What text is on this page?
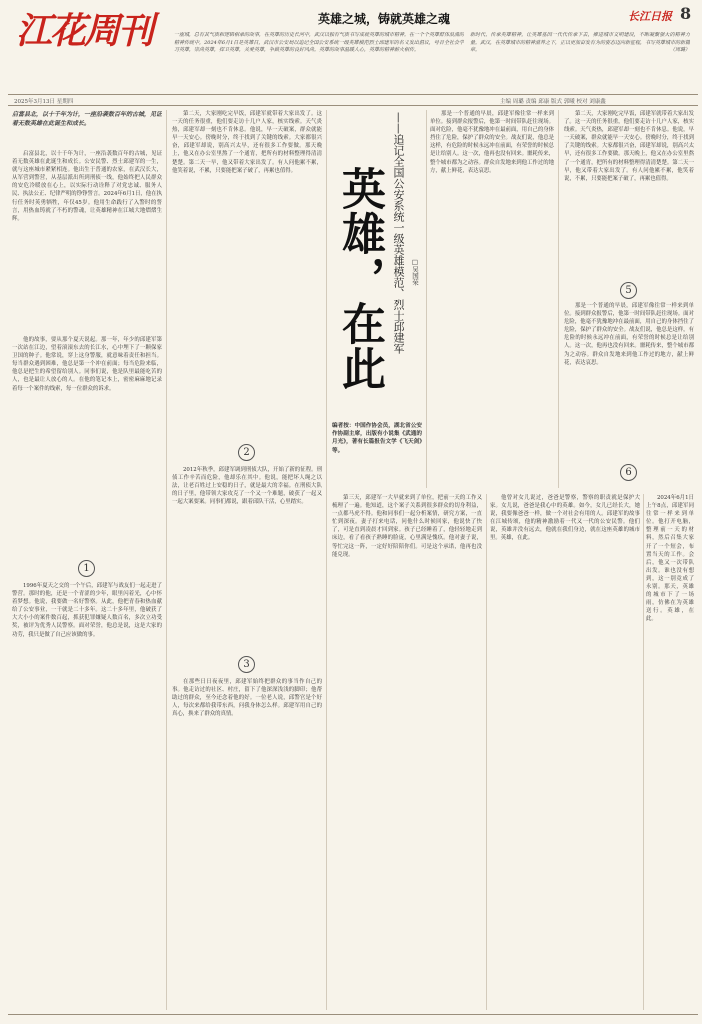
江花周刊	英雄之城，铸就英雄之魂	长江日报 8
一座城，总有其气质和逻辑相承的故事，在英雄的历史长河中，武汉以独有气质书写成就英雄的城市精神。在一个个英雄群体浪涌的精神传统中，2024年6月1日是英雄日，武汉市公安局以追记全国公安系统一级英雄模范烈士邱建军的名义发出倡议，号召全社会学习英雄，崇尚英雄，捍卫英雄，关爱英雄，争做英雄的良好风尚。英雄的故事温暖人心，英雄的精神薪火相传。
新时代，传承英雄精神，让英雄基因一代代传承下去，推进城市文明建设，不断凝聚强大的精神力量。武汉，在英雄城市的精神滋养之下，正以更加奋发有为的姿态迈向新征程，书写英雄城市的新篇章。	（周璐）
2025年3月13日 星期四	主编 周璐 责编 邱康 版式 郭曦 校对 刘康鑫
启富县北，以十千年为计，一座沿袭数百年的古城，见证着无数英雄在此诞生和成长。

启富县北，以十千年为计，一座沿袭数百年的古城，见证着无数英雄在此诞生和成长。公安民警、烈士邱建军的一生，就与这座城市紧紧相连。他出生于普通的农家，在武汉长大，从军营到警营，从基层派出所到刑侦一线，他始终把人民群众的安危冷暖放在心上，以实际行动诠释了对党忠诚、服务人民、执法公正、纪律严明的铮铮誓言。2024年6月1日，他在执行任务时英勇牺牲，年仅45岁。他用生命践行了入警时的誓言，用热血铸就了不朽的警魂，让英雄精神在江城大地熠熠生辉。

他的故事，要从那个夏天说起。那一年，年少的邱建军第一次站在江边，望着滚滚东去的长江水，心中埋下了一颗保家卫国的种子。他常说，穿上这身警服，就意味着责任和担当。每当群众遇到困难，他总是第一个冲在前面；每当危险来临，他总是把生的希望留给别人。同事们说，他是队里最能吃苦的人，也是最让人放心的人。在他的笔记本上，密密麻麻地记录着每一个案件的线索，每一位群众的诉求。

1

1996年夏天之交的一个午后，邱建军与战友们一起走进了警营。那时的他，还是一个青涩的少年，眼里闪着光，心中怀着梦想。他说，我要做一名好警察。从此，他把青春和热血献给了公安事业，一干就是二十多年。这二十多年里，他破获了大大小小的案件数百起，抓获犯罪嫌疑人数百名，多次立功受奖，被评为优秀人民警察。面对荣誉，他总是说，这是大家的功劳，我只是做了自己应该做的事。

第二天，大家刚吃完早饭，邱建军就带着大家出发了。这一天的任务很重，他们要走访十几户人家，核实线索。天气炎热，邱建军却一刻也不肯休息。他说，早一天破案，群众就能早一天安心。傍晚时分，终于找到了关键的线索。大家都很兴奋，邱建军却说，别高兴太早，还有很多工作要做。那天晚上，他又在办公室里熬了一个通宵，把所有的材料整理得清清楚楚。第二天一早，他又带着大家出发了。有人问他累不累，他笑着说，不累，只要能把案子破了，再累也值得。

2

2012年秋季，邱建军调到刑侦大队，开始了新的征程。刑侦工作辛苦而危险，他却乐在其中。他说，能把坏人绳之以法，让老百姓过上安稳的日子，就是最大的幸福。在刑侦大队的日子里，他带领大家攻克了一个又一个难题，破获了一起又一起大案要案。同事们都说，跟着邱队干活，心里踏实。

3

在那些日日夜夜里，邱建军始终把群众的事当作自己的事。他走访过的社区、村庄，留下了他深深浅浅的脚印；他帮助过的群众，至今还念着他的好。一位老人说，邱警官是个好人，每次来都给我带东西，问我身体怎么样。邱建军用自己的真心，换来了群众的真情。

英雄，在此 ——追记全国公安系统一级英雄模范、烈士邱建军 □吴国荣
编者按：中国作协会员，湖北省公安作协副主席，出版有小说集《武通的月光》，著有长篇报告文学《飞天剑》等。

第三天，邱建军一大早就来到了单位，把前一天的工作又梳理了一遍。他知道，这个案子关系到很多群众的切身利益，一点都马虎不得。他和同事们一起分析案情，研究方案，一直忙到深夜。妻子打来电话，问他什么时候回家，他说快了快了，可是直到凌晨才回到家。孩子已经睡着了，他轻轻地走到床边，看了看孩子熟睡的脸庞，心里满是愧疚。他对妻子说，等忙完这一阵，一定好好陪陪你们。可是这个承诺，他再也没能兑现。

那是一个普通的早晨，邱建军像往常一样来到单位。接到群众报警后，他第一时间带队赶往现场。面对危险，他毫不犹豫地冲在最前面，用自己的身体挡住了危险，保护了群众的安全。战友们说，他总是这样，有危险的时候永远冲在前面，有荣誉的时候总是让给别人。这一次，他再也没有回来。噩耗传来，整个城市都为之动容。群众自发地来到他工作过的地方，献上鲜花，表达哀思。

他曾对女儿说过，爸爸是警察，警察的职责就是保护大家。女儿说，爸爸是我心中的英雄。如今，女儿已经长大，她说，我要像爸爸一样，做一个对社会有用的人。邱建军的故事在江城传颂，他的精神激励着一代又一代的公安民警。他们说，英雄并没有远去，他就在我们身边，就在这座英雄的城市里。英雄，在此。

第二天，大家刚吃完早饭，邱建军就带着大家出发了。这一天的任务很重，他们要走访十几户人家，核实线索。天气炎热，邱建军却一刻也不肯休息。他说，早一天破案，群众就能早一天安心。傍晚时分，终于找到了关键的线索。大家都很兴奋，邱建军却说，别高兴太早，还有很多工作要做。那天晚上，他又在办公室里熬了一个通宵，把所有的材料整理得清清楚楚。第二天一早，他又带着大家出发了。有人问他累不累，他笑着说，不累，只要能把案子破了，再累也值得。

5

那是一个普通的早晨，邱建军像往常一样来到单位。接到群众报警后，他第一时间带队赶往现场。面对危险，他毫不犹豫地冲在最前面，用自己的身体挡住了危险，保护了群众的安全。战友们说，他总是这样，有危险的时候永远冲在前面，有荣誉的时候总是让给别人。这一次，他再也没有回来。噩耗传来，整个城市都为之动容。群众自发地来到他工作过的地方，献上鲜花，表达哀思。

6

2024年6月1日上午8点，邱建军同往常一样来到单位。他打开电脑，整理前一天的材料，然后召集大家开了一个短会，布置当天的工作。会后，他又一次带队出发。谁也没有想到，这一别竟成了永别。那天，英雄的城市下了一场雨，仿佛在为英雄送行。英雄，在此。
